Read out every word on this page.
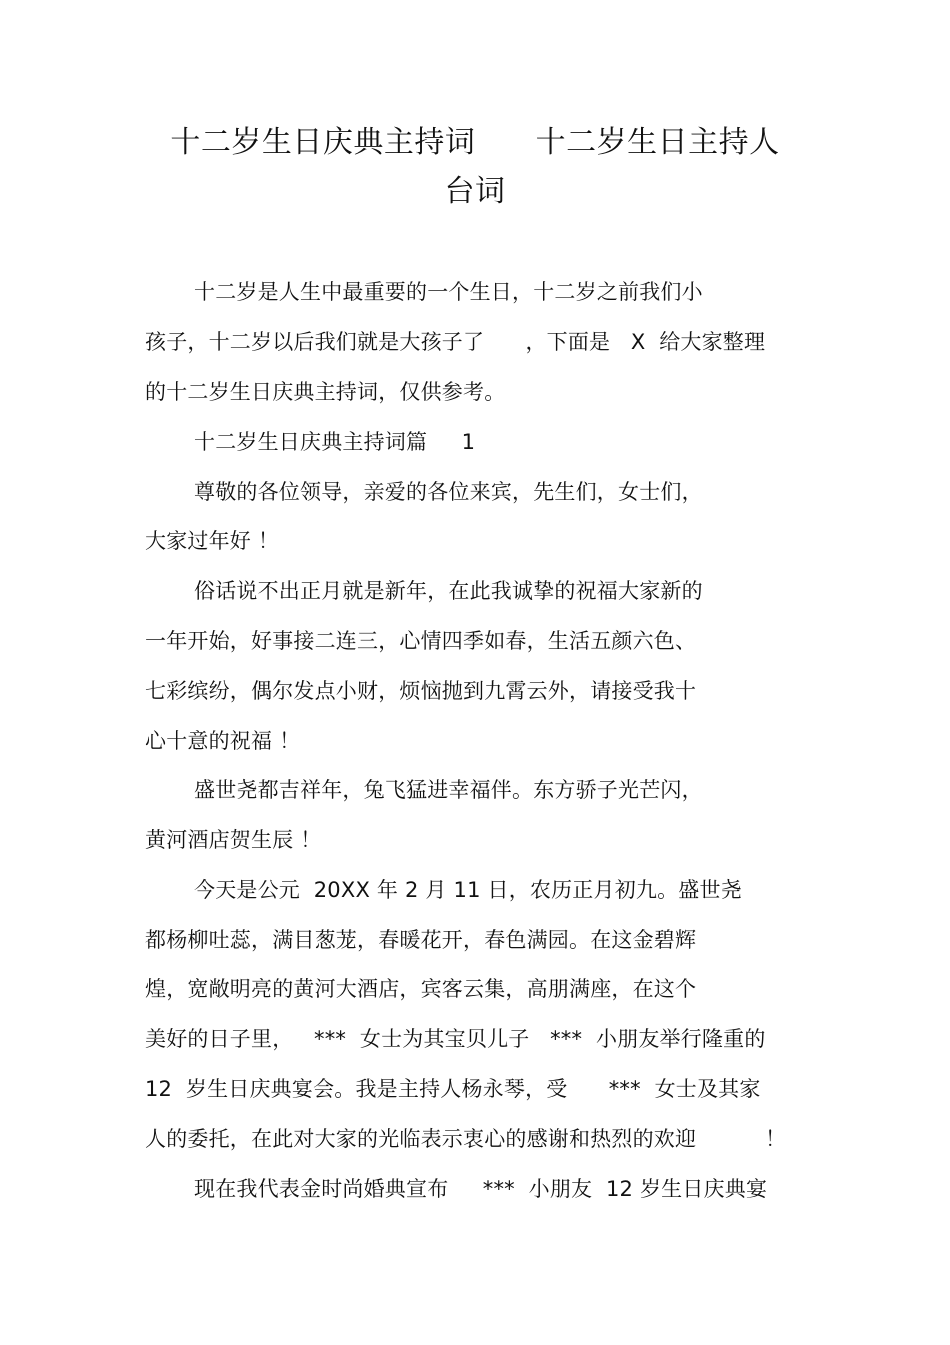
十二岁生日庆典主持词      十二岁生日主持人
台词
十二岁是人生中最重要的一个生日，十二岁之前我们小
孩子，十二岁以后我们就是大孩子了      ，下面是   X  给大家整理
的十二岁生日庆典主持词，仅供参考。
十二岁生日庆典主持词篇     1
尊敬的各位领导，亲爱的各位来宾，先生们，女士们，
大家过年好 ！
俗话说不出正月就是新年，在此我诚挚的祝福大家新的
一年开始，好事接二连三，心情四季如春，生活五颜六色、
七彩缤纷，偶尔发点小财，烦恼抛到九霄云外，请接受我十
心十意的祝福 ！
盛世尧都吉祥年，兔飞猛进幸福伴。东方骄子光芒闪，
黄河酒店贺生辰 ！
今天是公元  20XX 年 2 月 11 日，农历正月初九。盛世尧
都杨柳吐蕊，满目葱茏，春暖花开，春色满园。在这金碧辉
煌，宽敞明亮的黄河大酒店，宾客云集，高朋满座，在这个
美好的日子里，   ***  女士为其宝贝儿子   ***  小朋友举行隆重的
12  岁生日庆典宴会。我是主持人杨永琴，受      ***  女士及其家
人的委托，在此对大家的光临表示衷心的感谢和热烈的欢迎          ！
现在我代表金时尚婚典宣布     ***  小朋友  12 岁生日庆典宴
